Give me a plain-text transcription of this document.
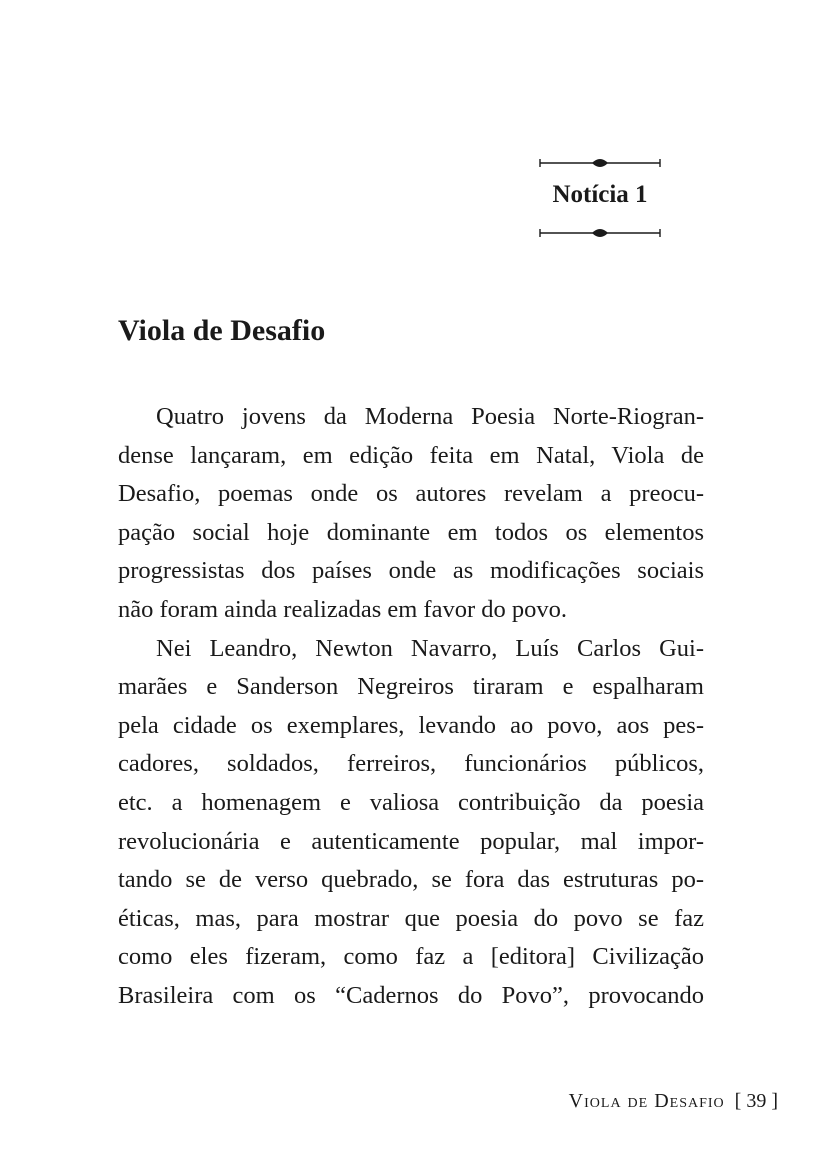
Notícia 1
Viola de Desafio

Quatro jovens da Moderna Poesia Norte-Riogran-
dense lançaram, em edição feita em Natal, Viola de
Desafio, poemas onde os autores revelam a preocu-
pação social hoje dominante em todos os elementos
progressistas dos países onde as modificações sociais
não foram ainda realizadas em favor do povo.

Nei Leandro, Newton Navarro, Luís Carlos Gui-
marães e Sanderson Negreiros tiraram e espalharam
pela cidade os exemplares, levando ao povo, aos pes-
cadores, soldados, ferreiros, funcionários públicos,
etc. a homenagem e valiosa contribuição da poesia
revolucionária e autenticamente popular, mal impor-
tando se de verso quebrado, se fora das estruturas po-
éticas, mas, para mostrar que poesia do povo se faz
como eles fizeram, como faz a [editora] Civilização
Brasileira com os “Cadernos do Povo”, provocando

Viola de Desafio [ 39 ]
